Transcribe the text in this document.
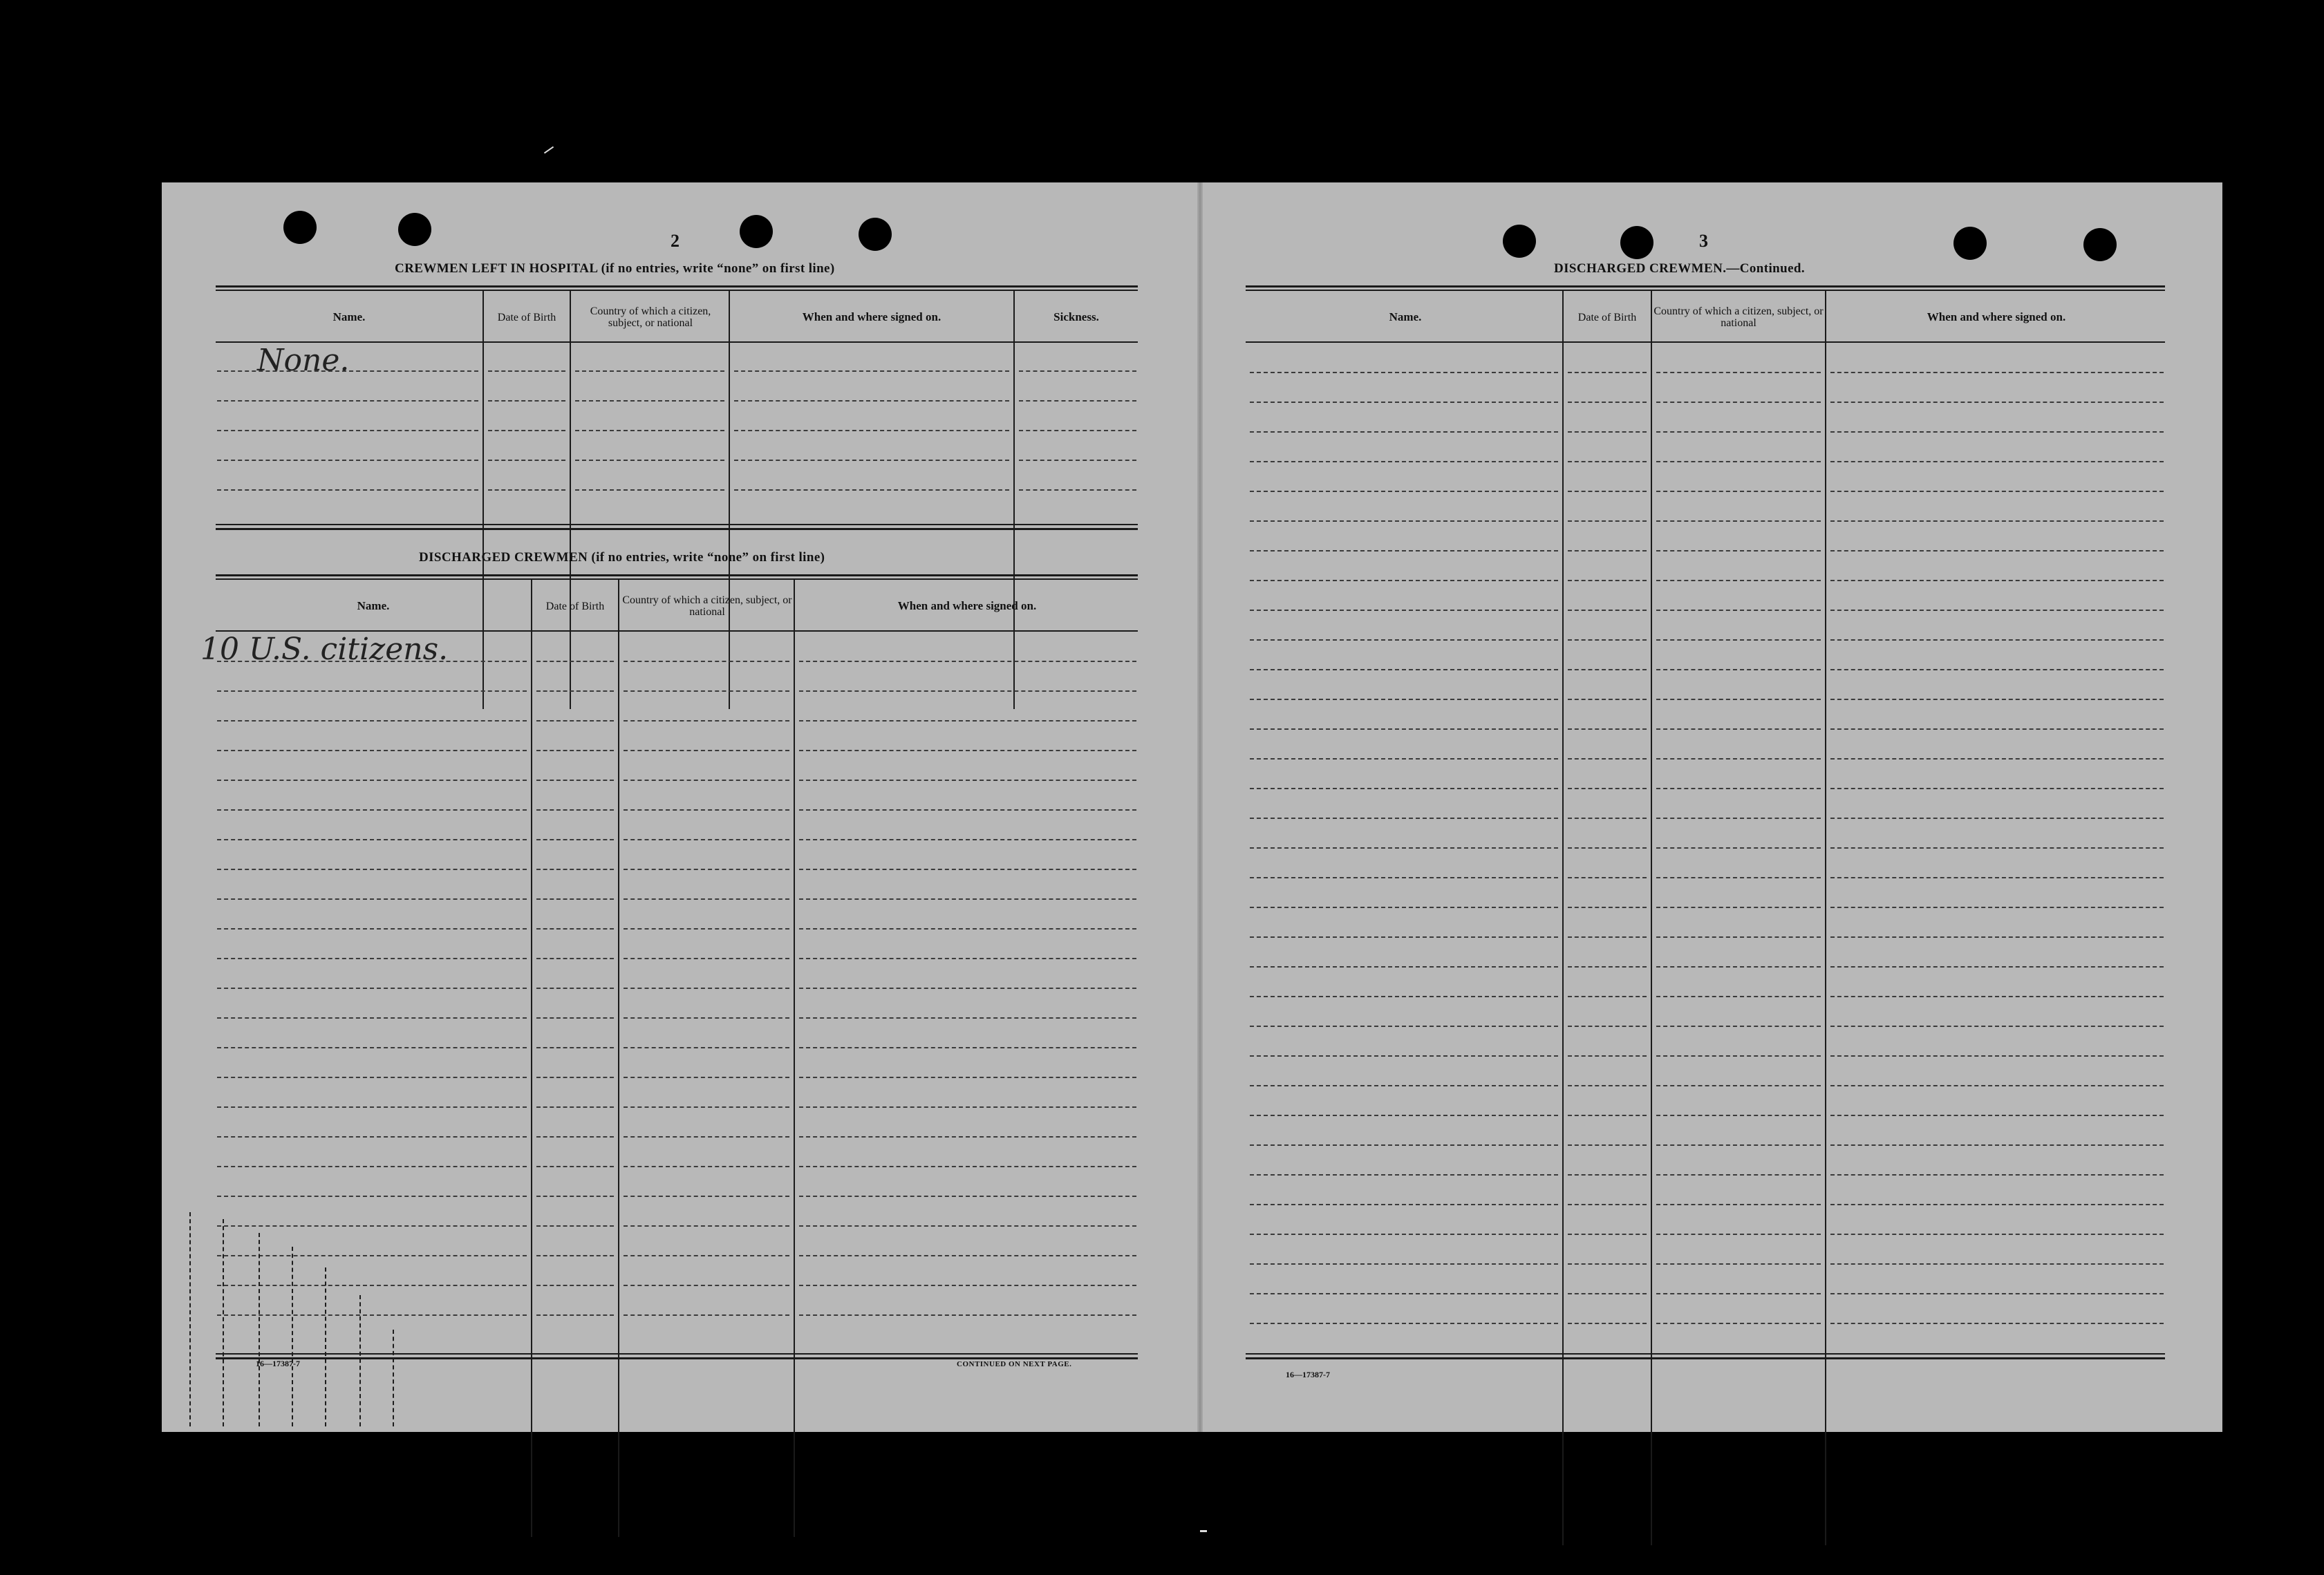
2
CREWMEN LEFT IN HOSPITAL (if no entries, write “none” on first line)
Name.	Date of Birth	Country of which a citizen, subject, or national	When and where signed on.	Sickness.
None.
DISCHARGED CREWMEN (if no entries, write “none” on first line)
Name.	Date of Birth	Country of which a citizen, subject, or national	When and where signed on.
10 U.S. citizens.
16—17387-7	CONTINUED ON NEXT PAGE.
3
DISCHARGED CREWMEN.—Continued.
Name.	Date of Birth	Country of which a citizen, subject, or national	When and where signed on.
16—17387-7
